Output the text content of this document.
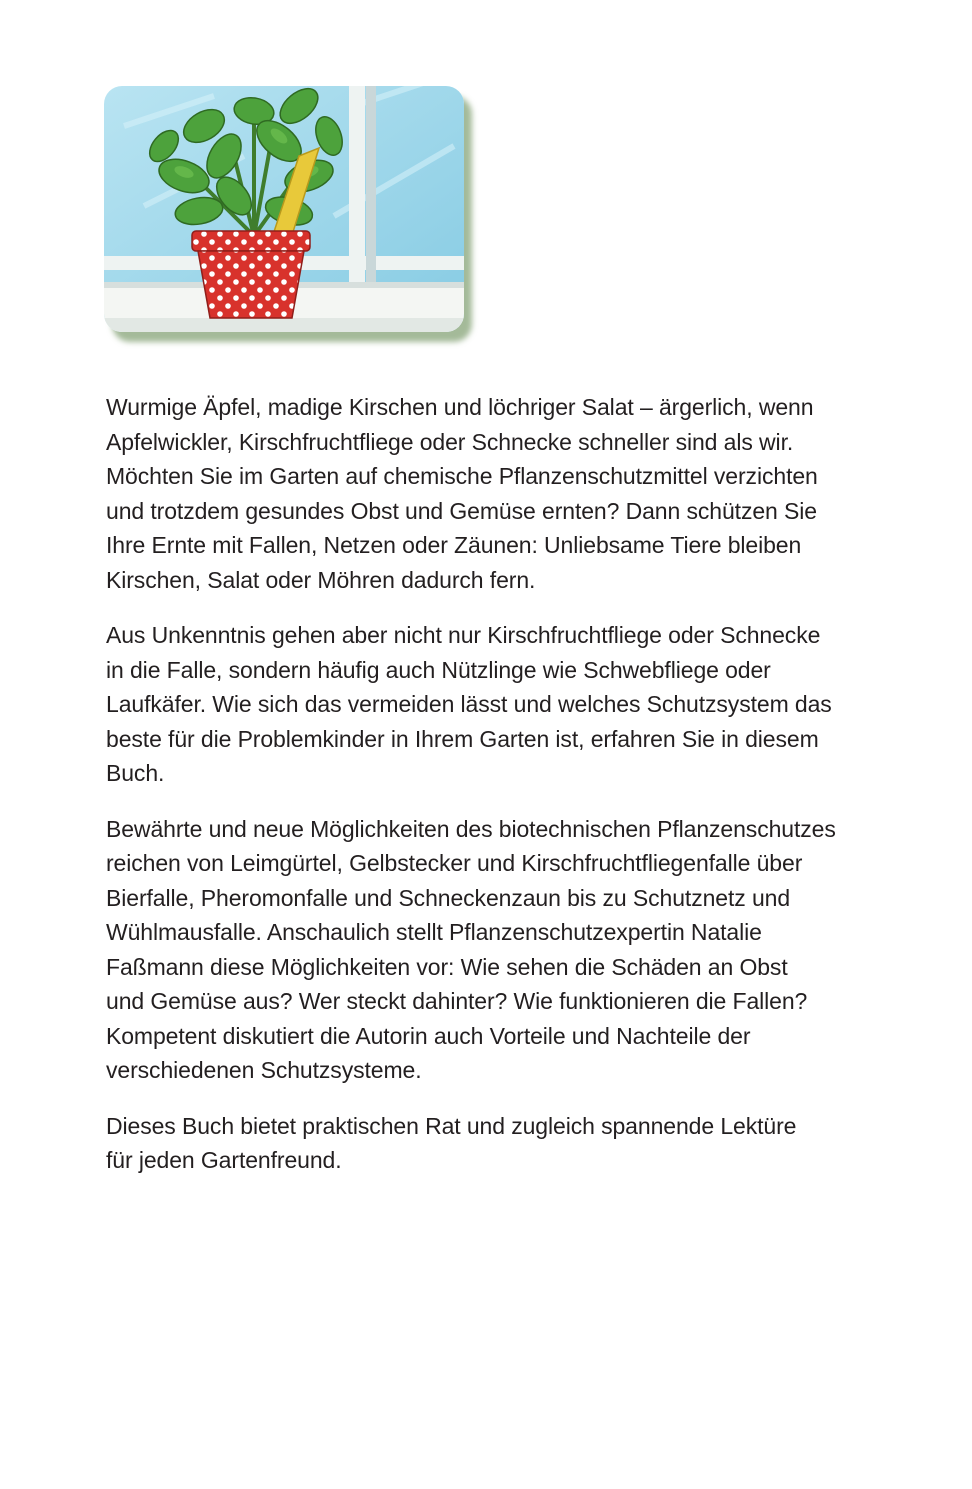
Wurmige Äpfel, madige Kirschen und löchriger Salat – ärgerlich, wenn
Apfelwickler, Kirschfruchtfliege oder Schnecke schneller sind als wir.
Möchten Sie im Garten auf chemische Pflanzenschutzmittel verzichten
und trotzdem gesundes Obst und Gemüse ernten? Dann schützen Sie
Ihre Ernte mit Fallen, Netzen oder Zäunen: Unliebsame Tiere bleiben
Kirschen, Salat oder Möhren dadurch fern.

Aus Unkenntnis gehen aber nicht nur Kirschfruchtfliege oder Schnecke
in die Falle, sondern häufig auch Nützlinge wie Schwebfliege oder
Laufkäfer. Wie sich das vermeiden lässt und welches Schutzsystem das
beste für die Problemkinder in Ihrem Garten ist, erfahren Sie in diesem
Buch.

Bewährte und neue Möglichkeiten des biotechnischen Pflanzenschutzes
reichen von Leimgürtel, Gelbstecker und Kirschfruchtfliegenfalle über
Bierfalle, Pheromonfalle und Schneckenzaun bis zu Schutznetz und
Wühlmausfalle. Anschaulich stellt Pflanzenschutzexpertin Natalie
Faßmann diese Möglichkeiten vor: Wie sehen die Schäden an Obst
und Gemüse aus? Wer steckt dahinter? Wie funktionieren die Fallen?
Kompetent diskutiert die Autorin auch Vorteile und Nachteile der
verschiedenen Schutzsysteme.

Dieses Buch bietet praktischen Rat und zugleich spannende Lektüre
für jeden Gartenfreund.
